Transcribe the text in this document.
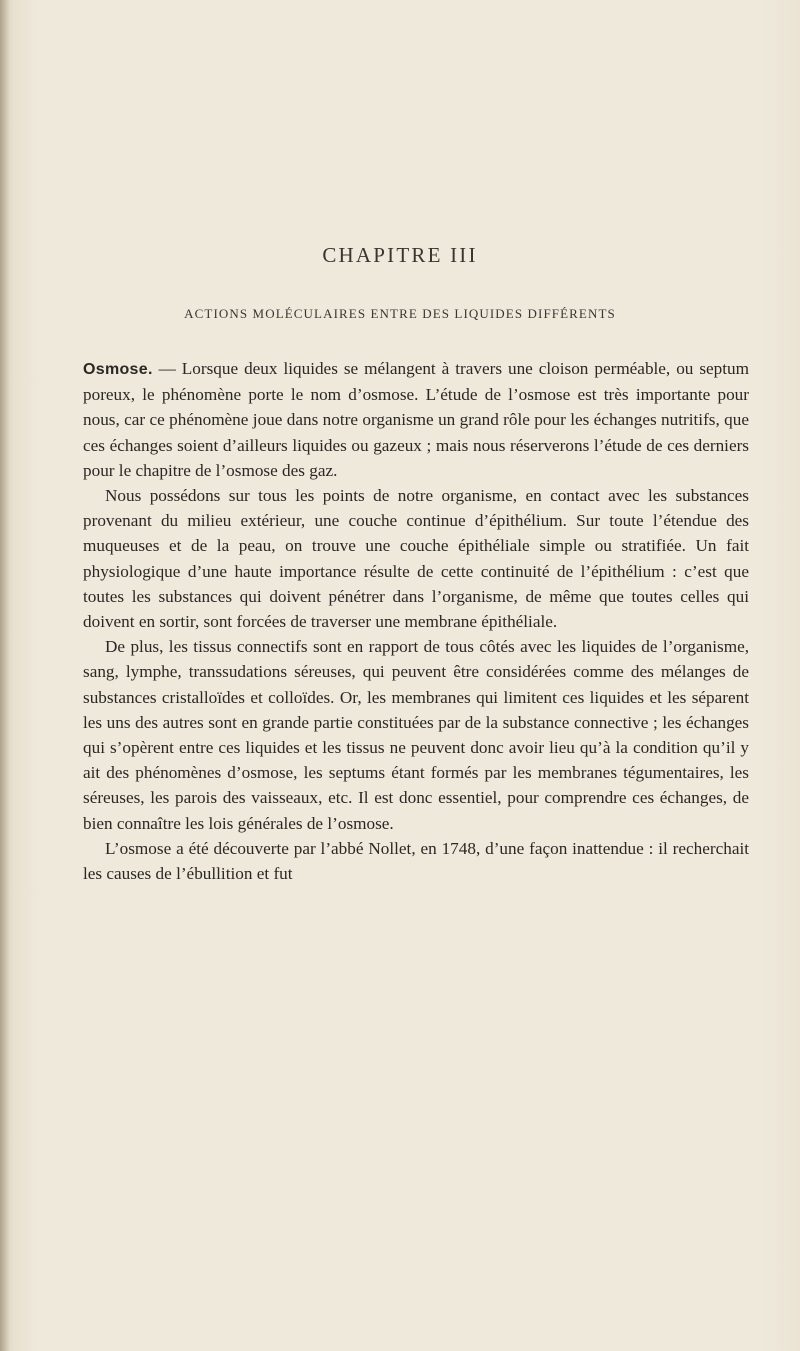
CHAPITRE III
ACTIONS MOLÉCULAIRES ENTRE DES LIQUIDES DIFFÉRENTS

Osmose. — Lorsque deux liquides se mélangent à travers une cloison perméable, ou septum poreux, le phénomène porte le nom d’osmose. L’étude de l’osmose est très importante pour nous, car ce phénomène joue dans notre organisme un grand rôle pour les échanges nutritifs, que ces échanges soient d’ailleurs liquides ou gazeux ; mais nous réserverons l’étude de ces derniers pour le chapitre de l’osmose des gaz.

Nous possédons sur tous les points de notre organisme, en contact avec les substances provenant du milieu extérieur, une couche continue d’épithélium. Sur toute l’étendue des muqueuses et de la peau, on trouve une couche épithéliale simple ou stratifiée. Un fait physiologique d’une haute importance résulte de cette continuité de l’épithélium : c’est que toutes les substances qui doivent pénétrer dans l’organisme, de même que toutes celles qui doivent en sortir, sont forcées de traverser une membrane épithéliale.

De plus, les tissus connectifs sont en rapport de tous côtés avec les liquides de l’organisme, sang, lymphe, transsudations séreuses, qui peuvent être considérées comme des mélanges de substances cristalloïdes et colloïdes. Or, les membranes qui limitent ces liquides et les séparent les uns des autres sont en grande partie constituées par de la substance connective ; les échanges qui s’opèrent entre ces liquides et les tissus ne peuvent donc avoir lieu qu’à la condition qu’il y ait des phénomènes d’osmose, les septums étant formés par les membranes tégumentaires, les séreuses, les parois des vaisseaux, etc. Il est donc essentiel, pour comprendre ces échanges, de bien connaître les lois générales de l’osmose.

L’osmose a été découverte par l’abbé Nollet, en 1748, d’une façon inattendue : il recherchait les causes de l’ébullition et fut
